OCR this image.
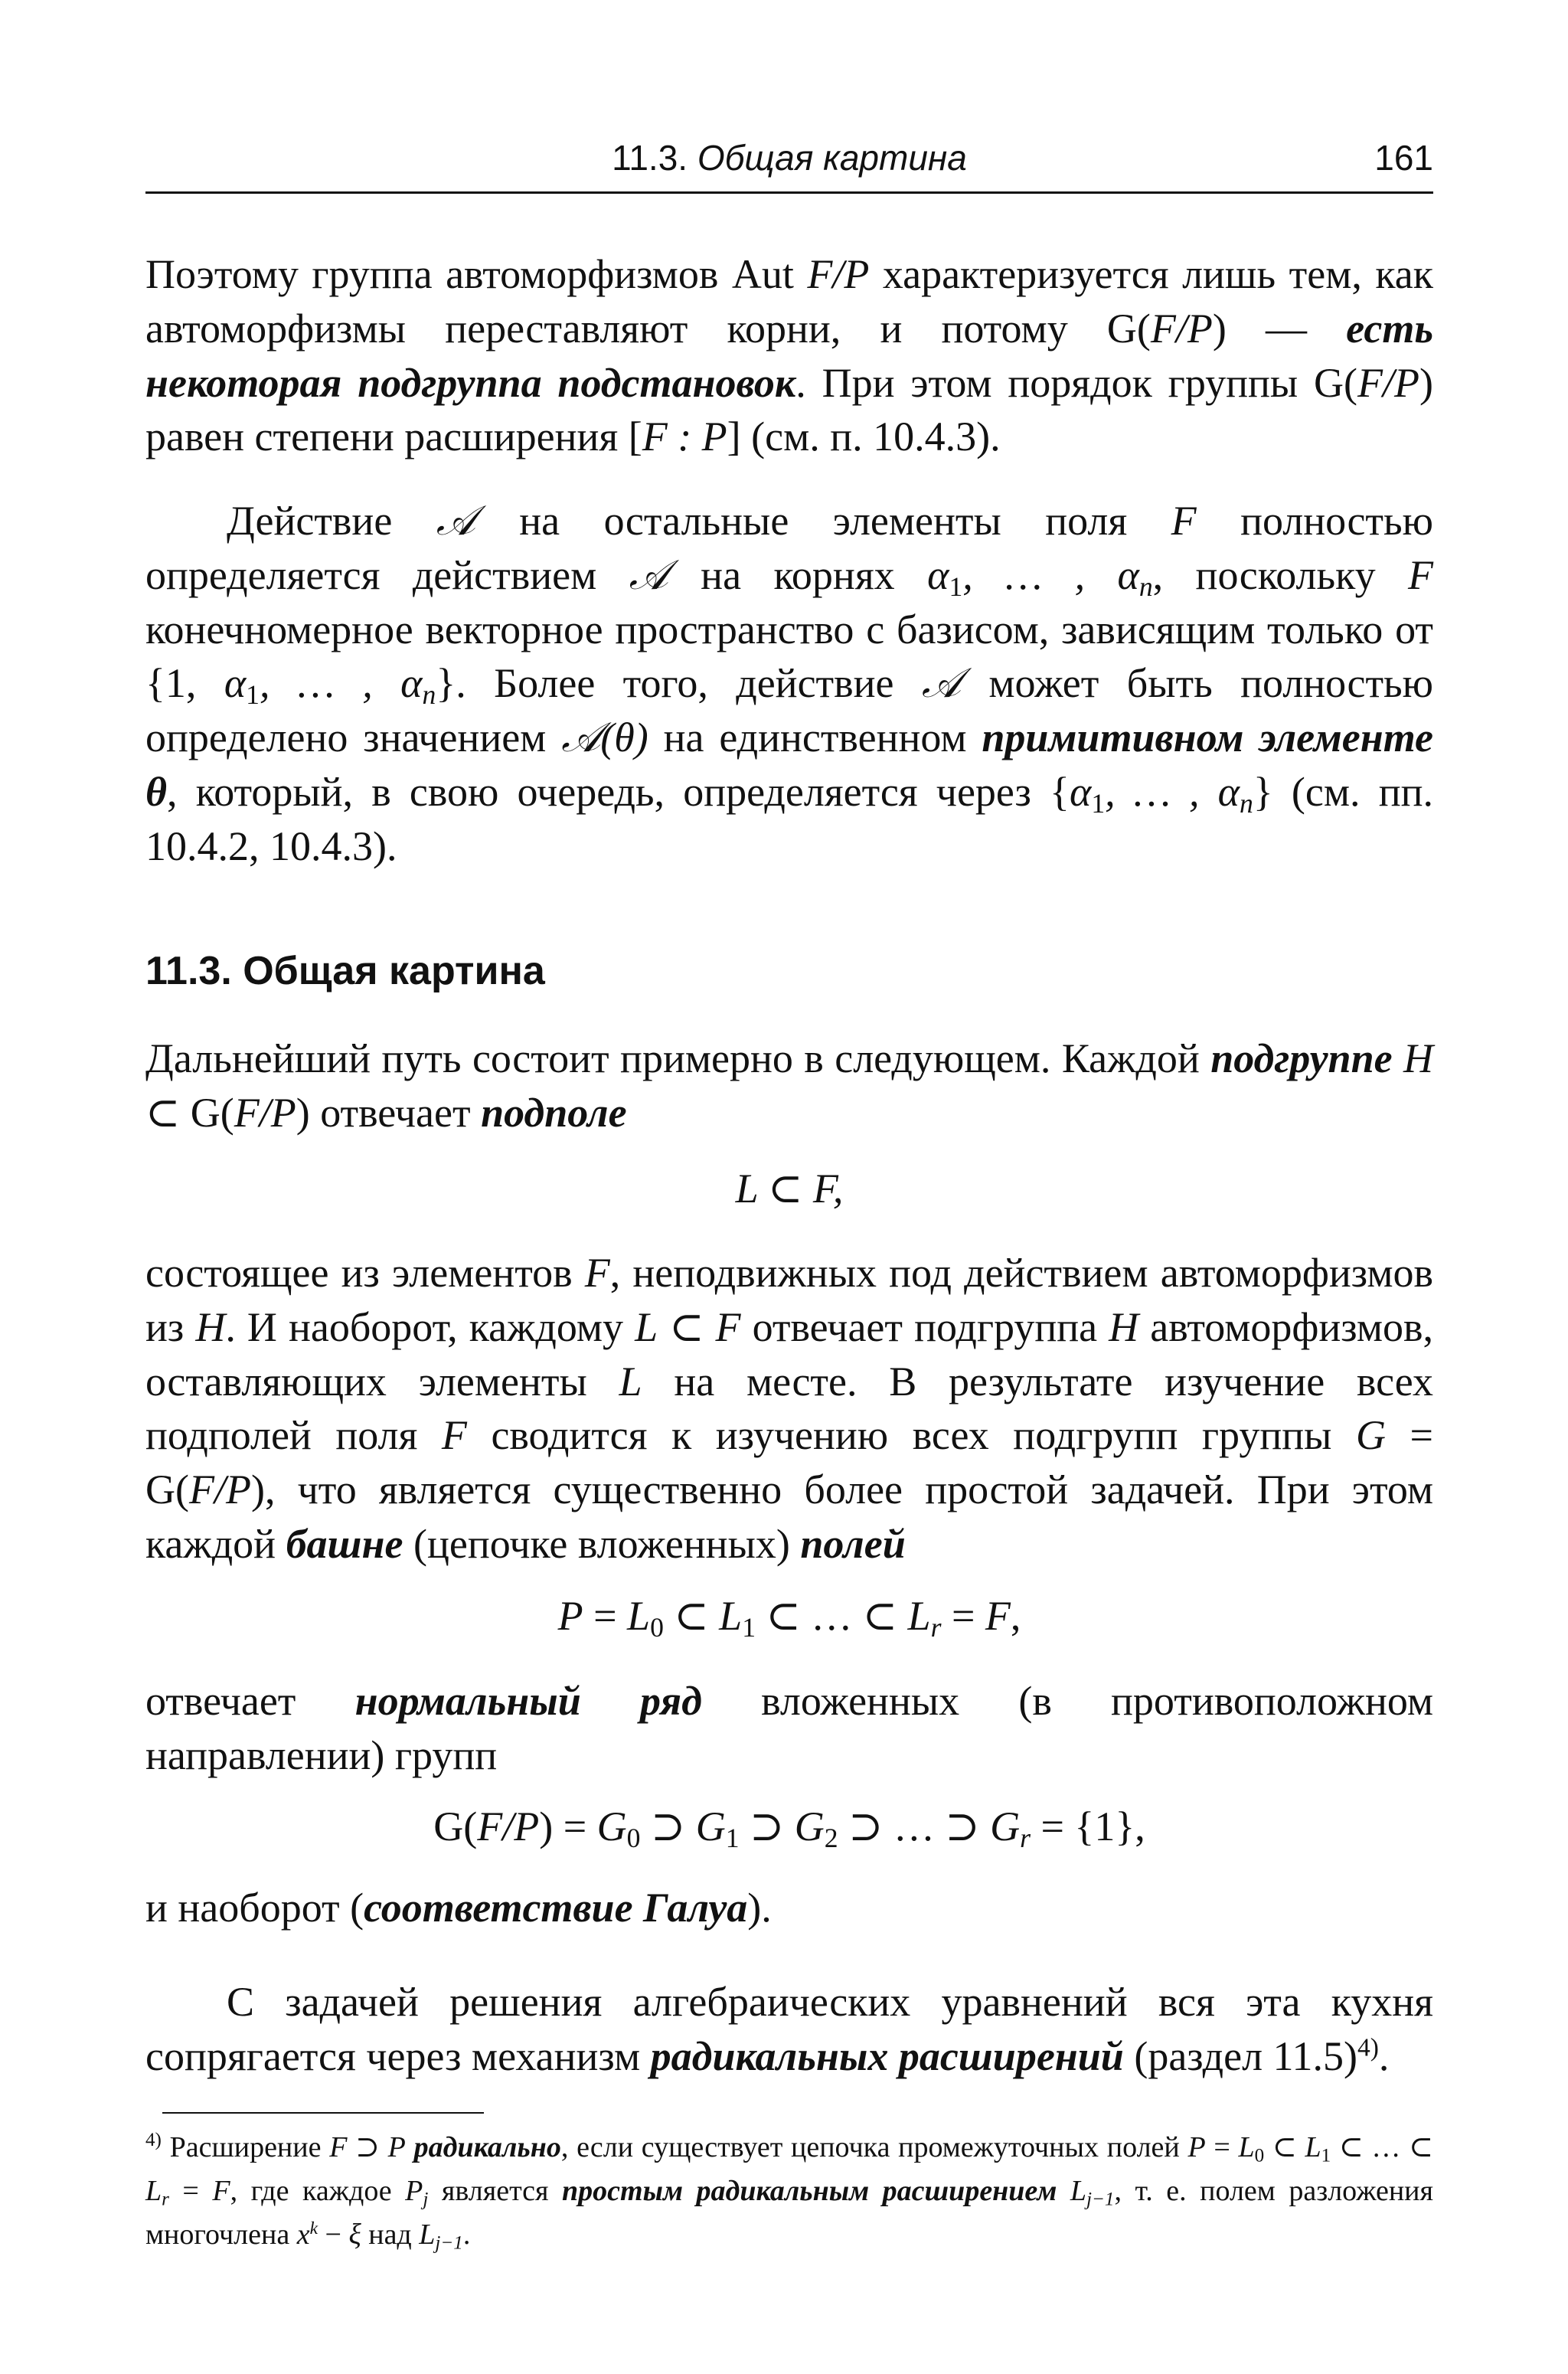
11.3. Общая картина	161

Поэтому группа автоморфизмов Aut F/P характеризуется лишь тем, как автоморфизмы переставляют корни, и потому G(F/P) — есть некоторая подгруппа подстановок. При этом порядок группы G(F/P) равен степени расширения [F : P] (см. п. 10.4.3).

Действие 𝒜 на остальные элементы поля F полностью определяется действием 𝒜 на корнях $\alpha_1$, … , $\alpha_n$, поскольку F конечномерное векторное пространство с базисом, зависящим только от {1, $\alpha_1$, … , $\alpha_n$}. Более того, действие 𝒜 может быть полностью определено значением 𝒜(θ) на единственном примитивном элементе θ, который, в свою очередь, определяется через {$\alpha_1$, … , $\alpha_n$} (см. пп. 10.4.2, 10.4.3).

11.3. Общая картина

Дальнейший путь состоит примерно в следующем. Каждой подгруппе H ⊂ G(F/P) отвечает подполе

L ⊂ F,

состоящее из элементов F, неподвижных под действием автоморфизмов из H. И наоборот, каждому L ⊂ F отвечает подгруппа H автоморфизмов, оставляющих элементы L на месте. В результате изучение всех подполей поля F сводится к изучению всех подгрупп группы G = G(F/P), что является существенно более простой задачей. При этом каждой башне (цепочке вложенных) полей

$P = L_0$ ⊂ $L_1$ ⊂ … ⊂ $L_r = F$,

отвечает нормальный ряд вложенных (в противоположном направлении) групп

$G(F/P) = G_0$ ⊃ $G_1$ ⊃ $G_2$ ⊃ … ⊃ $G_r = \{1\}$,

и наоборот (соответствие Галуа).

С задачей решения алгебраических уравнений вся эта кухня сопрягается через механизм радикальных расширений (раздел 11.5)$^{4)}$.

$^{4)}$ Расширение F ⊃ P радикально, если существует цепочка промежуточных полей $P = L_0$ ⊂ $L_1$ ⊂ … ⊂ $L_r = F$, где каждое $P_j$ является простым радикальным расширением $L_{j-1}$, т. е. полем разложения многочлена $x^k - \xi$ над $L_{j-1}$.
